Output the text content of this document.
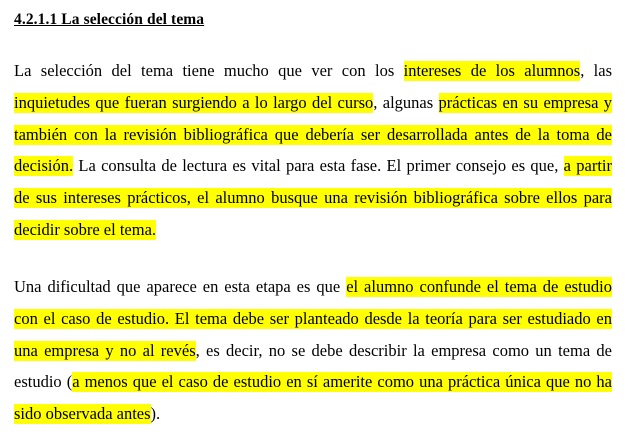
4.2.1.1 La selección del tema

La selección del tema tiene mucho que ver con los intereses de los alumnos, las inquietudes que fueran surgiendo a lo largo del curso, algunas prácticas en su empresa y también con la revisión bibliográfica que debería ser desarrollada antes de la toma de decisión. La consulta de lectura es vital para esta fase. El primer consejo es que, a partir de sus intereses prácticos, el alumno busque una revisión bibliográfica sobre ellos para decidir sobre el tema.

Una dificultad que aparece en esta etapa es que el alumno confunde el tema de estudio con el caso de estudio. El tema debe ser planteado desde la teoría para ser estudiado en una empresa y no al revés, es decir, no se debe describir la empresa como un tema de estudio (a menos que el caso de estudio en sí amerite como una práctica única que no ha sido observada antes).
